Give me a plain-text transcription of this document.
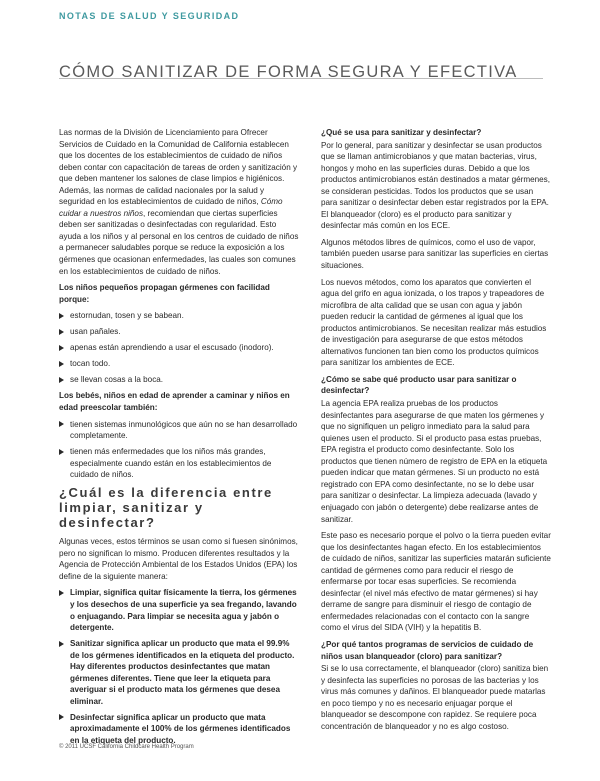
NOTAS DE SALUD Y SEGURIDAD
CÓMO SANITIZAR DE FORMA SEGURA Y EFECTIVA

Las normas de la División de Licenciamiento para Ofrecer Servicios de Cuidado en la Comunidad de California establecen que los docentes de los establecimientos de cuidado de niños deben contar con capacitación de tareas de orden y sanitización y que deben mantener los salones de clase limpios e higiénicos. Además, las normas de calidad nacionales por la salud y seguridad en los establecimientos de cuidado de niños, Cómo cuidar a nuestros niños, recomiendan que ciertas superficies deben ser sanitizadas o desinfectadas con regularidad. Esto ayuda a los niños y al personal en los centros de cuidado de niños a permanecer saludables porque se reduce la exposición a los gérmenes que ocasionan enfermedades, las cuales son comunes en los establecimientos de cuidado de niños.

Los niños pequeños propagan gérmenes con facilidad porque:

estornudan, tosen y se babean.
usan pañales.
apenas están aprendiendo a usar el escusado (inodoro).
tocan todo.
se llevan cosas a la boca.

Los bebés, niños en edad de aprender a caminar y niños en edad preescolar también:

tienen sistemas inmunológicos que aún no se han desarrollado completamente.
tienen más enfermedades que los niños más grandes, especialmente cuando están en los establecimientos de cuidado de niños.
¿Cuál es la diferencia entre limpiar, sanitizar y desinfectar?

Algunas veces, estos términos se usan como si fuesen sinónimos, pero no significan lo mismo. Producen diferentes resultados y la Agencia de Protección Ambiental de los Estados Unidos (EPA) los define de la siguiente manera:

Limpiar, significa quitar físicamente la tierra, los gérmenes y los desechos de una superficie ya sea fregando, lavando o enjuagando. Para limpiar se necesita agua y jabón o detergente.
Sanitizar significa aplicar un producto que mata el 99.9% de los gérmenes identificados en la etiqueta del producto. Hay diferentes productos desinfectantes que matan gérmenes diferentes. Tiene que leer la etiqueta para averiguar si el producto mata los gérmenes que desea eliminar.
Desinfectar significa aplicar un producto que mata aproximadamente el 100% de los gérmenes identificados en la etiqueta del producto.

¿Qué se usa para sanitizar y desinfectar?

Por lo general, para sanitizar y desinfectar se usan productos que se llaman antimicrobianos y que matan bacterias, virus, hongos y moho en las superficies duras. Debido a que los productos antimicrobianos están destinados a matar gérmenes, se consideran pesticidas. Todos los productos que se usan para sanitizar o desinfectar deben estar registrados por la EPA. El blanqueador (cloro) es el producto para sanitizar y desinfectar más común en los ECE.

Algunos métodos libres de químicos, como el uso de vapor, también pueden usarse para sanitizar las superficies en ciertas situaciones.

Los nuevos métodos, como los aparatos que convierten el agua del grifo en agua ionizada, o los trapos y trapeadores de microfibra de alta calidad que se usan con agua y jabón pueden reducir la cantidad de gérmenes al igual que los productos antimicrobianos. Se necesitan realizar más estudios de investigación para asegurarse de que estos métodos alternativos funcionen tan bien como los productos químicos para sanitizar los ambientes de ECE.

¿Cómo se sabe qué producto usar para sanitizar o desinfectar?

La agencia EPA realiza pruebas de los productos desinfectantes para asegurarse de que maten los gérmenes y que no signifiquen un peligro inmediato para la salud para quienes usen el producto. Si el producto pasa estas pruebas, EPA registra el producto como desinfectante. Solo los productos que tienen número de registro de EPA en la etiqueta pueden indicar que matan gérmenes. Si un producto no está registrado con EPA como desinfectante, no se lo debe usar para sanitizar o desinfectar. La limpieza adecuada (lavado y enjuagado con jabón o detergente) debe realizarse antes de sanitizar.

Este paso es necesario porque el polvo o la tierra pueden evitar que los desinfectantes hagan efecto. En los establecimientos de cuidado de niños, sanitizar las superficies matarán suficiente cantidad de gérmenes como para reducir el riesgo de enfermarse por tocar esas superficies. Se recomienda desinfectar (el nivel más efectivo de matar gérmenes) si hay derrame de sangre para disminuir el riesgo de contagio de enfermedades relacionadas con el contacto con la sangre como el virus del SIDA (VIH) y la hepatitis B.

¿Por qué tantos programas de servicios de cuidado de niños usan blanqueador (cloro) para sanitizar?

Si se lo usa correctamente, el blanqueador (cloro) sanitiza bien y desinfecta las superficies no porosas de las bacterias y los virus más comunes y dañinos. El blanqueador puede matarlas en poco tiempo y no es necesario enjuagar porque el blanqueador se descompone con rapidez. Se requiere poca concentración de blanqueador y no es algo costoso.

© 2011 UCSF California Childcare Health Program
